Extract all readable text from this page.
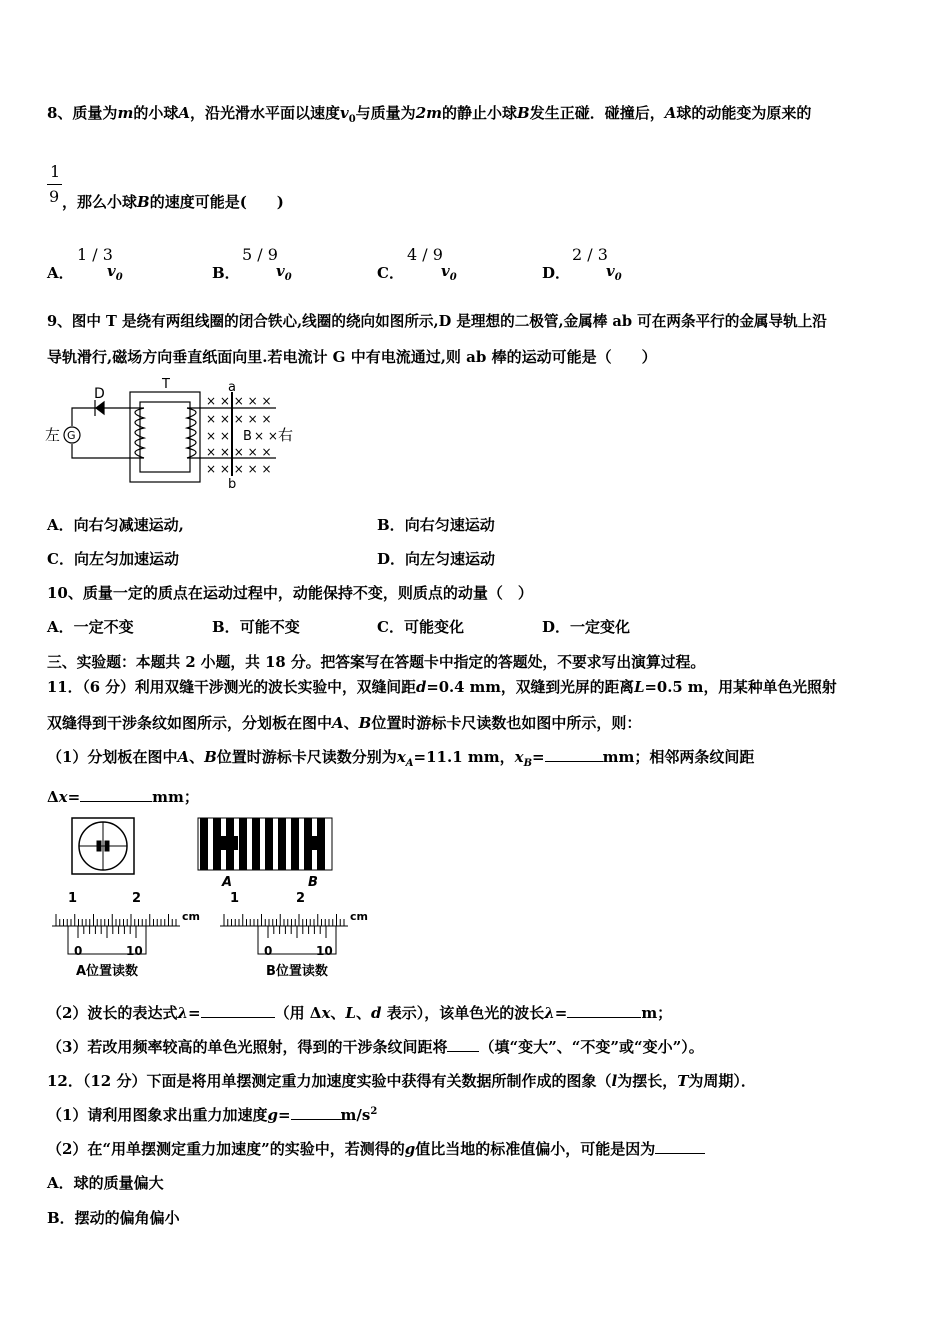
8、质量为m的小球A，沿光滑水平面以速度$v_0$与质量为2m的静止小球B发生正碰．碰撞后，A球的动能变为原来的
1
9 ，那么小球B的速度可能是(　　)
A．
1 / 3
$v_0$	B．
5 / 9
$v_0$	C．
4 / 9
$v_0$	D．
2 / 3
$v_0$
9、图中 T 是绕有两组线圈的闭合铁心,线圈的绕向如图所示,D 是理想的二极管,金属棒 ab 可在两条平行的金属导轨上沿
导轨滑行,磁场方向垂直纸面向里.若电流计 G 中有电流通过,则 ab 棒的运动可能是（　　）
D
T	a
b
B
左	右
G
× × × × ×
× × × × ×
× × × ×
× × × × ×
× × × × ×
A．向右匀减速运动,	B．向右匀速运动
C．向左匀加速运动	D．向左匀速运动
10、质量一定的质点在运动过程中，动能保持不变，则质点的动量（　）
A．一定不变	B．可能不变	C．可能变化	D．一定变化
三、实验题：本题共 2 小题，共 18 分。把答案写在答题卡中指定的答题处，不要求写出演算过程。
11．（6 分）利用双缝干涉测光的波长实验中，双缝间距d=0.4 mm，双缝到光屏的距离L=0.5 m，用某种单色光照射
双缝得到干涉条纹如图所示，分划板在图中A、B位置时游标卡尺读数也如图中所示，则：
（1）分划板在图中A、B位置时游标卡尺读数分别为$x_A=11.1$ mm，$x_B=$	mm；相邻两条纹间距
Δx=	mm；
A	B
1	2
cm
0	10
A位置读数
1	2
cm
0	10
B位置读数
（2）波长的表达式λ=	（用 Δx、L、d 表示），该单色光的波长λ=	m；
（3）若改用频率较高的单色光照射，得到的干涉条纹间距将 （填“变大”、“不变”或“变小”）。
12．（12 分）下面是将用单摆测定重力加速度实验中获得有关数据所制作成的图象（l为摆长，T为周期）．
（1）请利用图象求出重力加速度g=	$m/s^2$
（2）在“用单摆测定重力加速度”的实验中，若测得的g值比当地的标准值偏小，可能是因为
A．球的质量偏大
B．摆动的偏角偏小
